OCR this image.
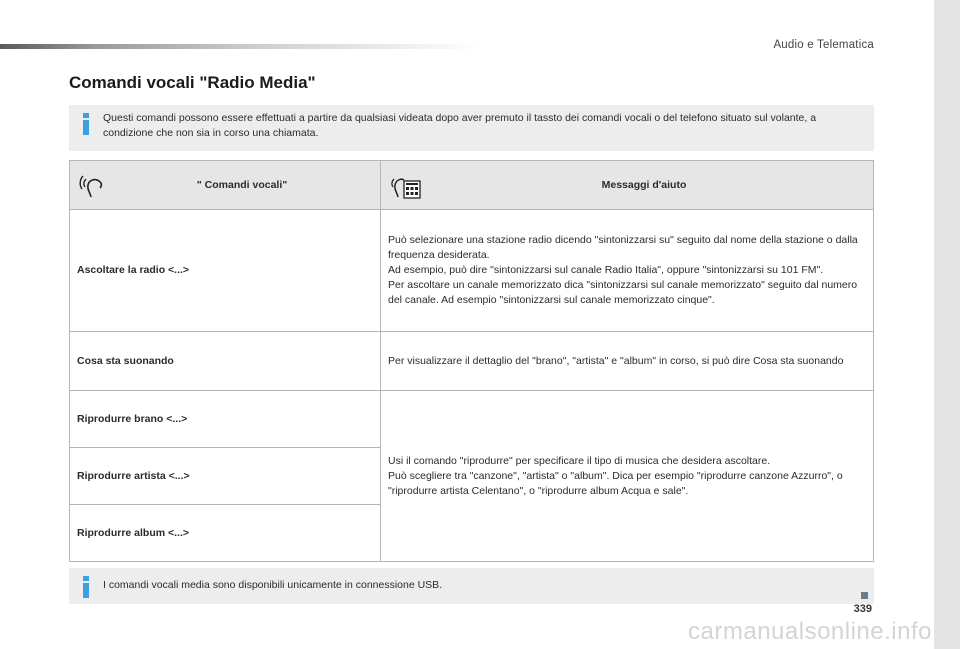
Audio e Telematica
Comandi vocali "Radio Media"
Questi comandi possono essere effettuati a partire da qualsiasi videata dopo aver premuto il tassto dei comandi vocali o del telefono situato sul volante, a condizione che non sia in corso una chiamata.
" Comandi vocali"	Messaggi d'aiuto

Ascoltare la radio <...>	Può selezionare una stazione radio dicendo "sintonizzarsi su" seguito dal nome della stazione o dalla frequenza desiderata.
Ad esempio, può dire "sintonizzarsi sul canale Radio Italia", oppure "sintonizzarsi su 101 FM".
Per ascoltare un canale memorizzato dica "sintonizzarsi sul canale memorizzato" seguito dal numero del canale. Ad esempio "sintonizzarsi sul canale memorizzato cinque".

Cosa sta suonando	Per visualizzare il dettaglio del "brano", "artista" e "album" in corso, si può dire Cosa sta suonando

Riprodurre brano <...>	Usi il comando "riprodurre" per specificare il tipo di musica che desidera ascoltare.
Può scegliere tra "canzone", "artista" o "album". Dica per esempio "riprodurre canzone Azzurro", o "riprodurre artista Celentano", o "riprodurre album Acqua e sale".

Riprodurre artista <...>	
Riprodurre album <...>	
I comandi vocali media sono disponibili unicamente in connessione USB.
339
carmanualsonline.info
